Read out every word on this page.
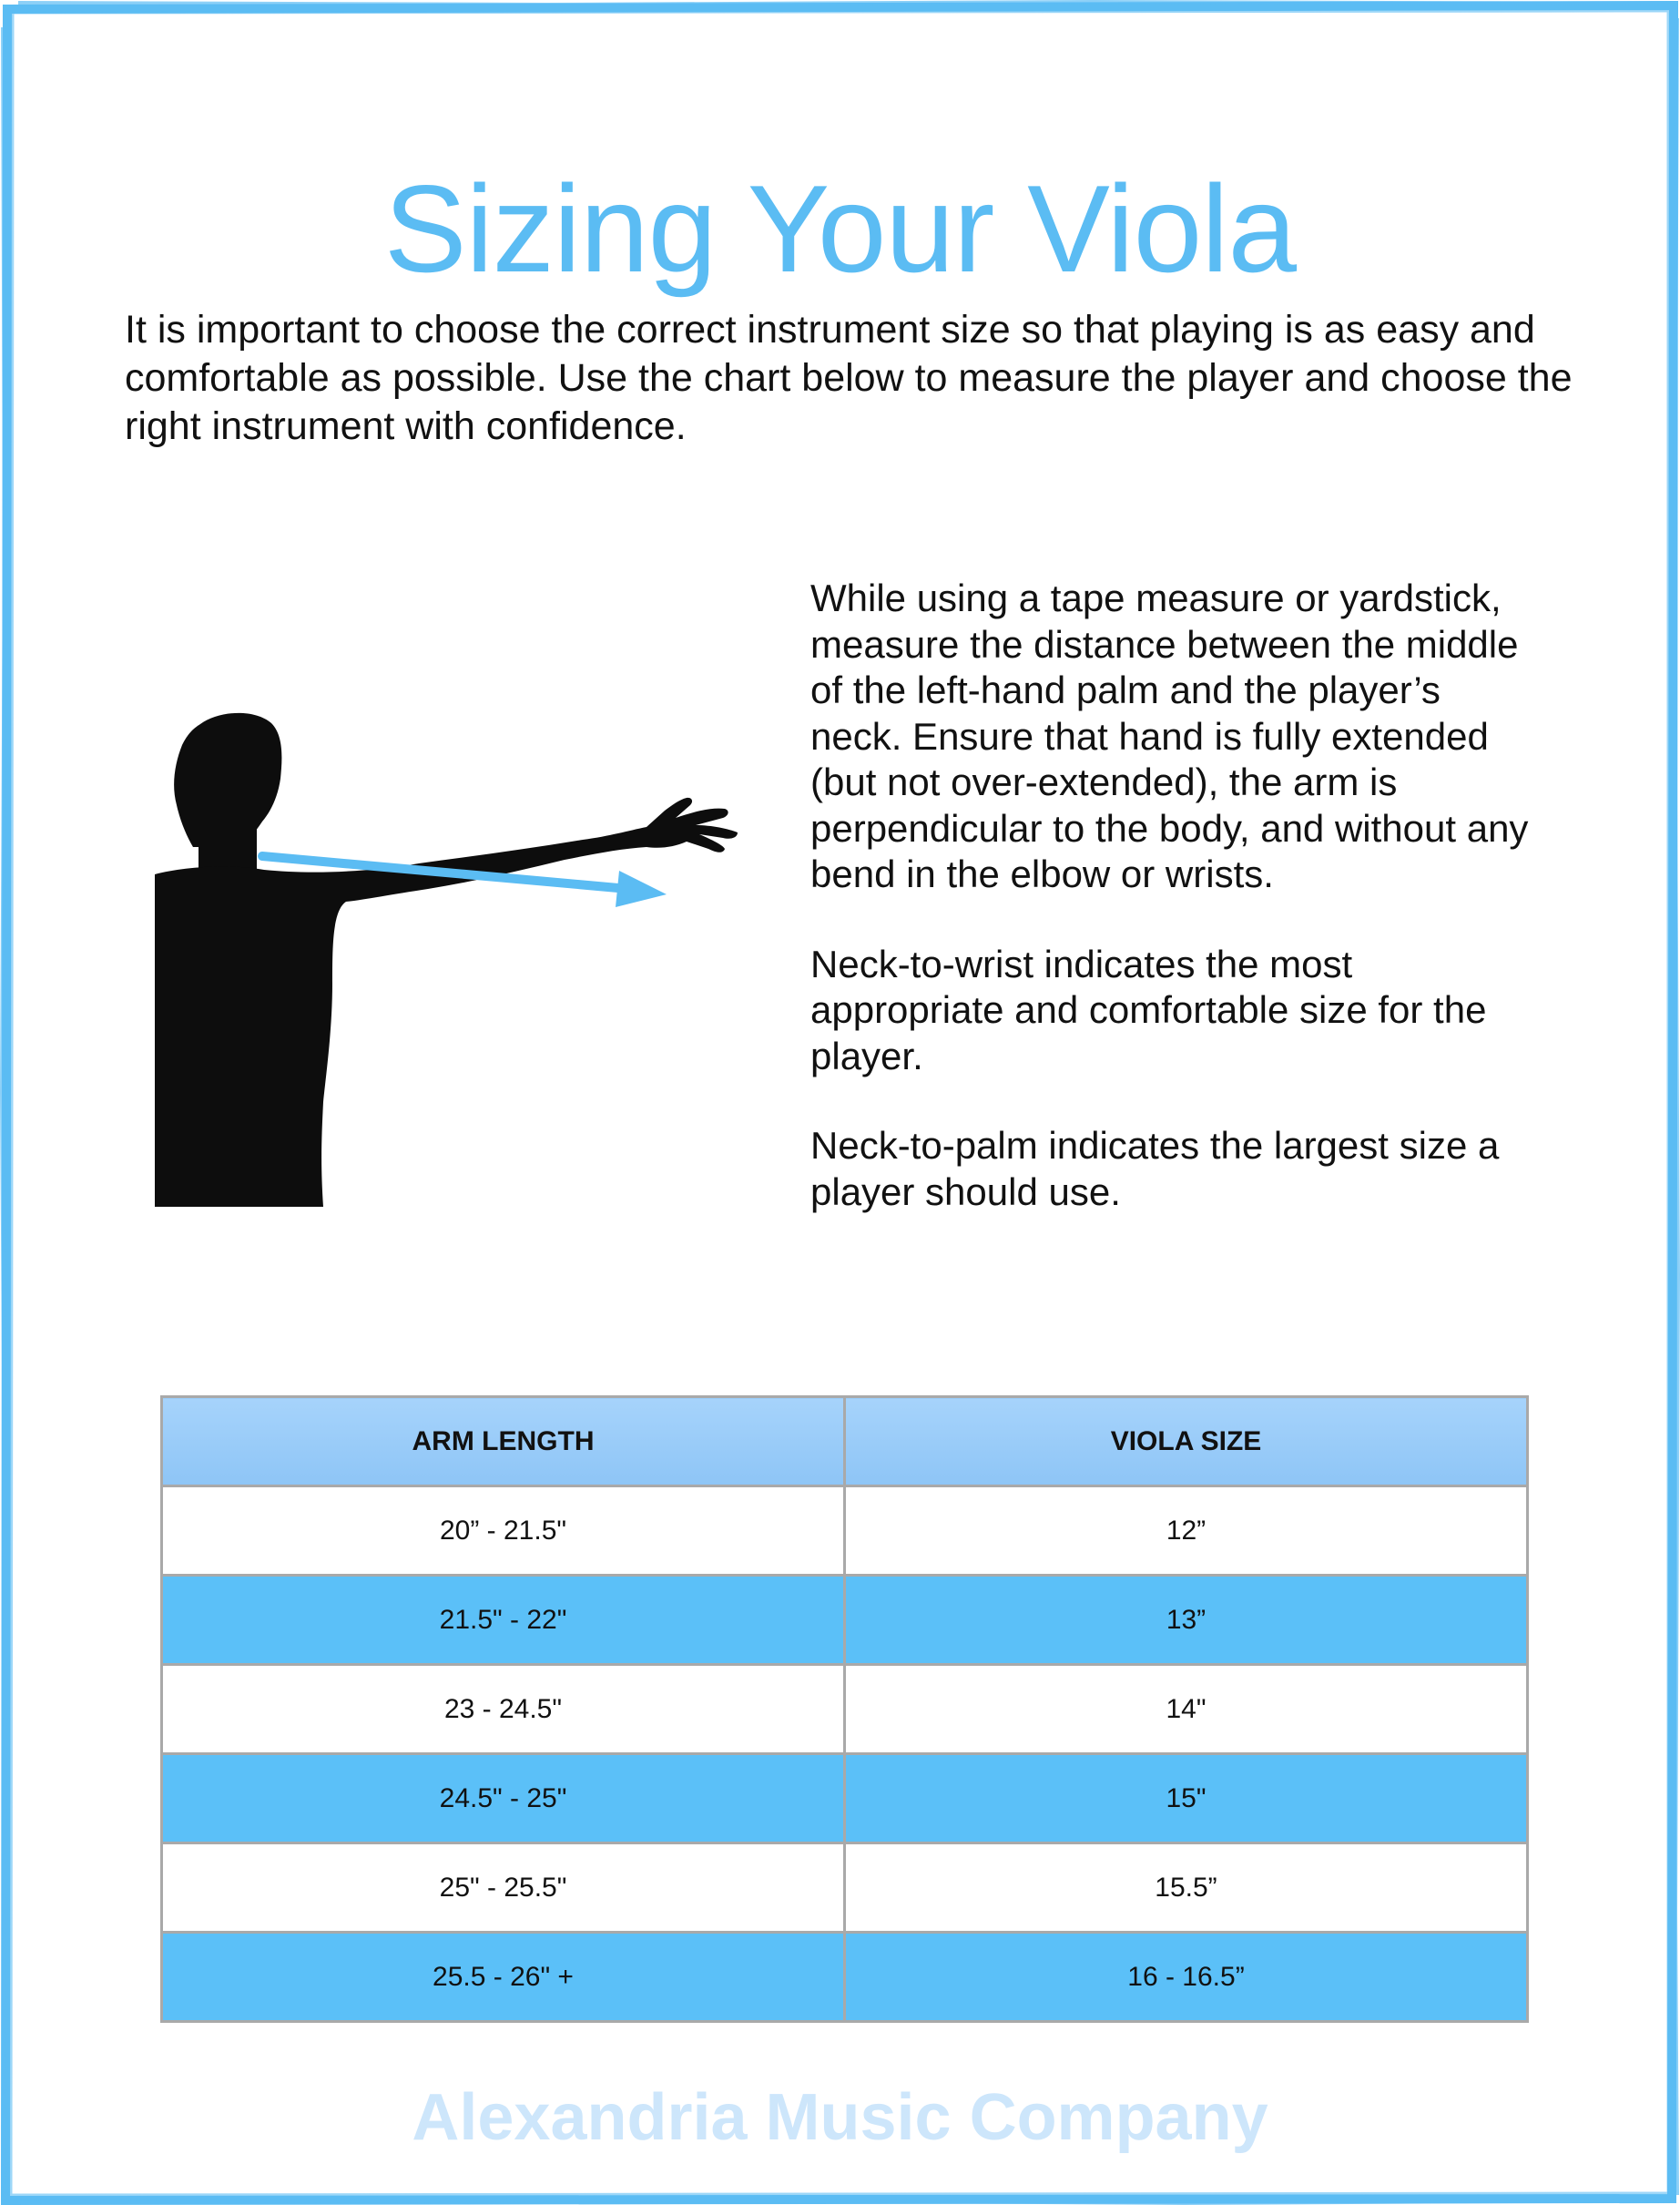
Sizing Your Viola
It is important to choose the correct instrument size so that playing is as easy and comfortable as possible. Use the chart below to measure the player and choose the right instrument with confidence.

While using a tape measure or yardstick, measure the distance between the middle of the left-hand palm and the player’s neck. Ensure that hand is fully extended (but not over-extended), the arm is perpendicular to the body, and without any bend in the elbow or wrists.

Neck-to-wrist indicates the most appropriate and comfortable size for the player.

Neck-to-palm indicates the largest size a player should use.

ARM LENGTH	VIOLA SIZE
20” - 21.5"	12”
21.5" - 22"	13”
23 - 24.5"	14"
24.5" - 25"	15"
25" - 25.5"	15.5”
25.5 - 26" +	16 - 16.5”
Alexandria Music Company
